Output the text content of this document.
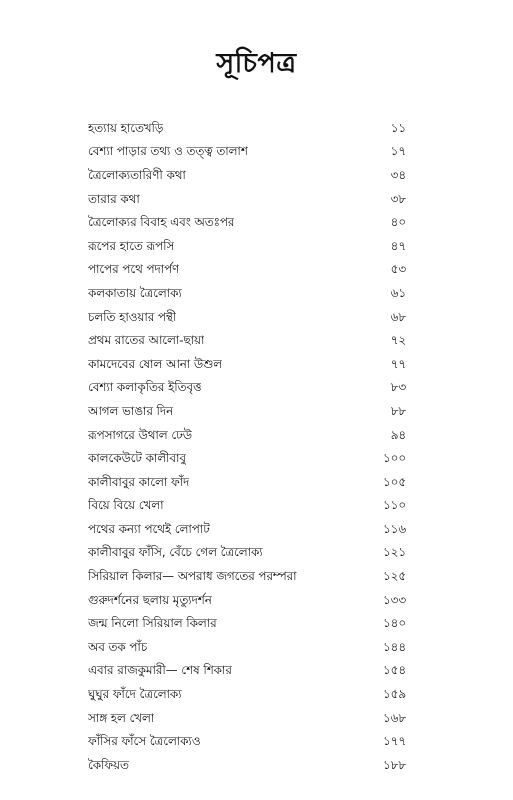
সূচিপত্র
হত্যায় হাতেখড়ি	১১
বেশ্যা পাড়ার তথ্য ও তত্ত্ব তালাশ	১৭
ত্রৈলোক্যতারিণী কথা	৩৪
তারার কথা	৩৮
ত্রৈলোক্যর বিবাহ এবং অতঃপর	৪০
রূপের হাতে রূপসি	৪৭
পাপের পথে পদার্পণ	৫৩
কলকাতায় ত্রৈলোক্য	৬১
চলতি হাওয়ার পন্থী	৬৮
প্রথম রাতের আলো-ছায়া	৭২
কামদেবের ষোল আনা উশুল	৭৭
বেশ্যা কলাকৃতির ইতিবৃত্ত	৮৩
আগল ভাঙার দিন	৮৮
রূপসাগরে উথাল ঢেউ	৯৪
কালকেউটে কালীবাবু	১০০
কালীবাবুর কালো ফাঁদ	১০৫
বিয়ে বিয়ে খেলা	১১০
পথের কন্যা পথেই লোপাট	১১৬
কালীবাবুর ফাঁসি, বেঁচে গেল ত্রৈলোক্য	১২১
সিরিয়াল কিলার— অপরাধ জগতের পরম্পরা	১২৫
গুরুদর্শনের ছলায় মৃত্যুদর্শন	১৩৩
জন্ম নিলো সিরিয়াল কিলার	১৪০
অব তক পাঁচ	১৪৪
এবার রাজকুমারী— শেষ শিকার	১৫৪
ঘুঘুর ফাঁদে ত্রৈলোক্য	১৫৯
সাঙ্গ হল খেলা	১৬৮
ফাঁসির ফাঁসে ত্রৈলোক্যও	১৭৭
কৈফিয়ত	১৮৮
